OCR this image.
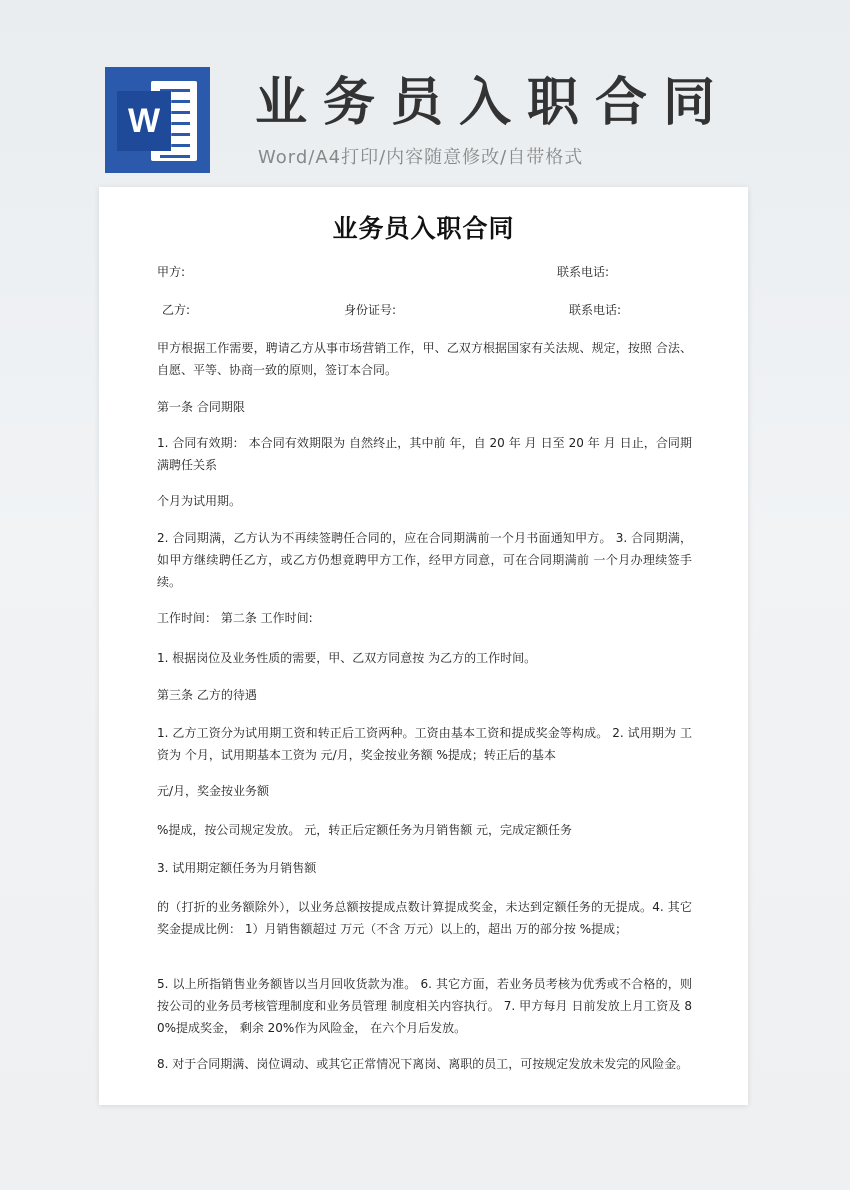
W 业务员入职合同

Word/A4打印/内容随意修改/自带格式

业务员入职合同

甲方:	联系电话:

乙方:	身份证号:	联系电话:

甲方根据工作需要，聘请乙方从事市场营销工作，甲、乙双方根据国家有关法规、规定，按照 合法、自愿、平等、协商一致的原则，签订本合同。

第一条 合同期限

1. 合同有效期： 本合同有效期限为 自然终止，其中前 年，自 20 年 月 日至 20 年 月 日止，合同期满聘任关系

个月为试用期。

2. 合同期满，乙方认为不再续签聘任合同的，应在合同期满前一个月书面通知甲方。 3. 合同期满，如甲方继续聘任乙方，或乙方仍想竟聘甲方工作，经甲方同意，可在合同期满前 一个月办理续签手续。

工作时间： 第二条 工作时间:

1. 根据岗位及业务性质的需要，甲、乙双方同意按 为乙方的工作时间。

第三条 乙方的待遇

1. 乙方工资分为试用期工资和转正后工资两种。工资由基本工资和提成奖金等构成。 2. 试用期为 工资为 个月，试用期基本工资为 元/月，奖金按业务额 %提成；转正后的基本

元/月，奖金按业务额

%提成，按公司规定发放。 元，转正后定额任务为月销售额 元，完成定额任务

3. 试用期定额任务为月销售额

的（打折的业务额除外），以业务总额按提成点数计算提成奖金，未达到定额任务的无提成。4. 其它奖金提成比例： 1）月销售额超过 万元（不含 万元）以上的，超出 万的部分按 %提成；

5. 以上所指销售业务额皆以当月回收货款为准。 6. 其它方面，若业务员考核为优秀或不合格的，则按公司的业务员考核管理制度和业务员管理 制度相关内容执行。 7. 甲方每月 日前发放上月工资及 80%提成奖金， 剩余 20%作为风险金， 在六个月后发放。

8. 对于合同期满、岗位调动、或其它正常情况下离岗、离职的员工，可按规定发放未发完的风险金。
